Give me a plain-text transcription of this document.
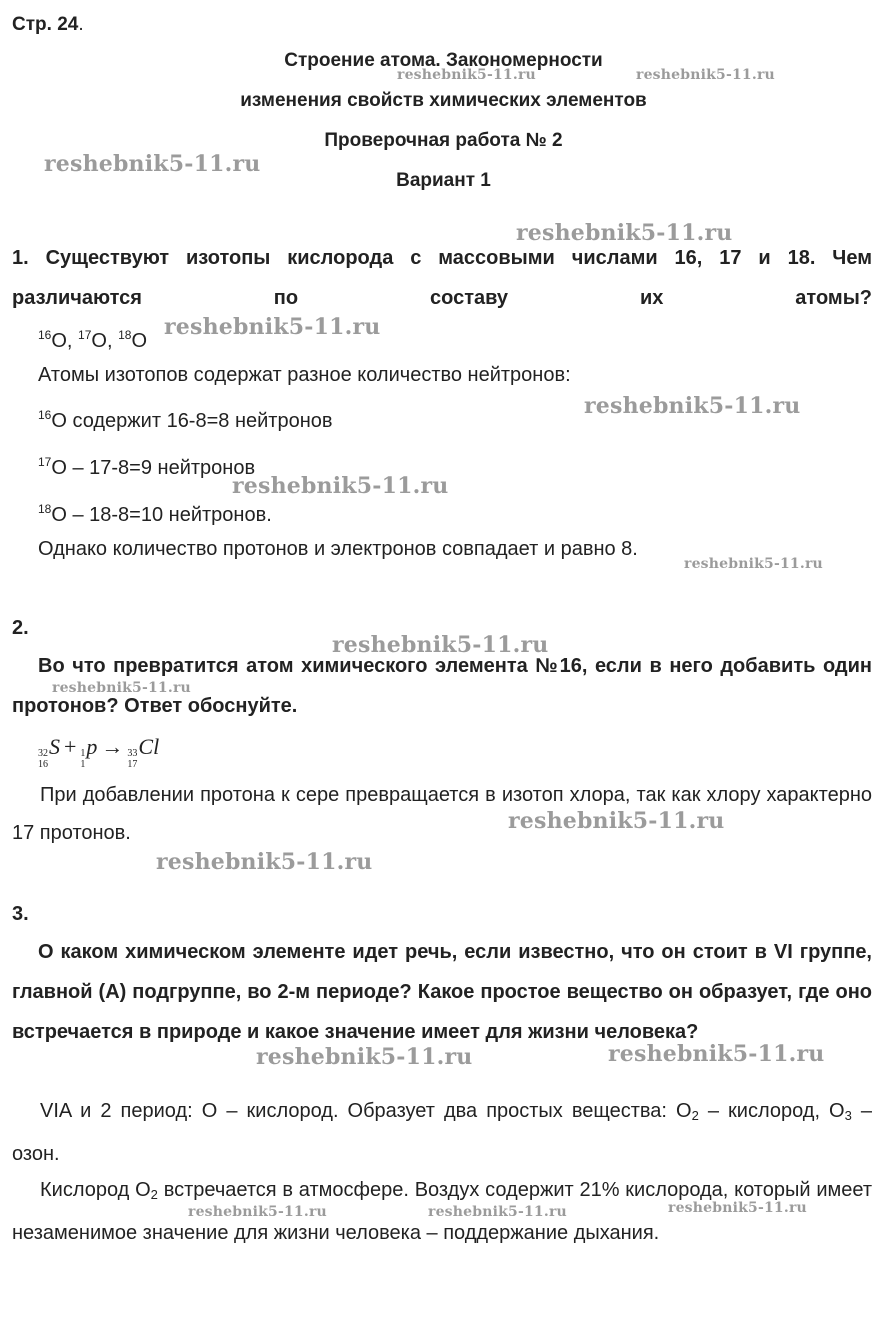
Стр. 24.
Строение атома. Закономерности
изменения свойств химических элементов
Проверочная работа № 2
Вариант 1
1. Существуют изотопы кислорода с массовыми числами 16, 17 и 18. Чем различаются по составу их атомы?
$^{16}$O, $^{17}$O, $^{18}$O
Атомы изотопов содержат разное количество нейтронов:
$^{16}$O содержит 16-8=8 нейтронов
$^{17}$O – 17-8=9 нейтронов
$^{18}$O – 18-8=10 нейтронов.
Однако количество протонов и электронов совпадает и равно 8.
2.
Во что превратится атом химического элемента №16, если в него добавить один протонов? Ответ обоснуйте.
32
16
S + 1
1
p → 33
17
Cl
При добавлении протона к сере превращается в изотоп хлора, так как хлору характерно 17 протонов.
3.
О каком химическом элементе идет речь, если известно, что он стоит в VI группе, главной (А) подгруппе, во 2-м периоде? Какое простое вещество он образует, где оно встречается в природе и какое значение имеет для жизни человека?
VIA и 2 период: O – кислород. Образует два простых вещества: $O_2$ – кислород, $O_3$ – озон.
Кислород $O_2$ встречается в атмосфере. Воздух содержит 21% кислорода, который имеет незаменимое значение для жизни человека – поддержание дыхания.
reshebnik5-11.ru	reshebnik5-11.ru
reshebnik5-11.ru
reshebnik5-11.ru
reshebnik5-11.ru
reshebnik5-11.ru
reshebnik5-11.ru
reshebnik5-11.ru
reshebnik5-11.ru
reshebnik5-11.ru
reshebnik5-11.ru
reshebnik5-11.ru
reshebnik5-11.ru	reshebnik5-11.ru
reshebnik5-11.ru	reshebnik5-11.ru	reshebnik5-11.ru
